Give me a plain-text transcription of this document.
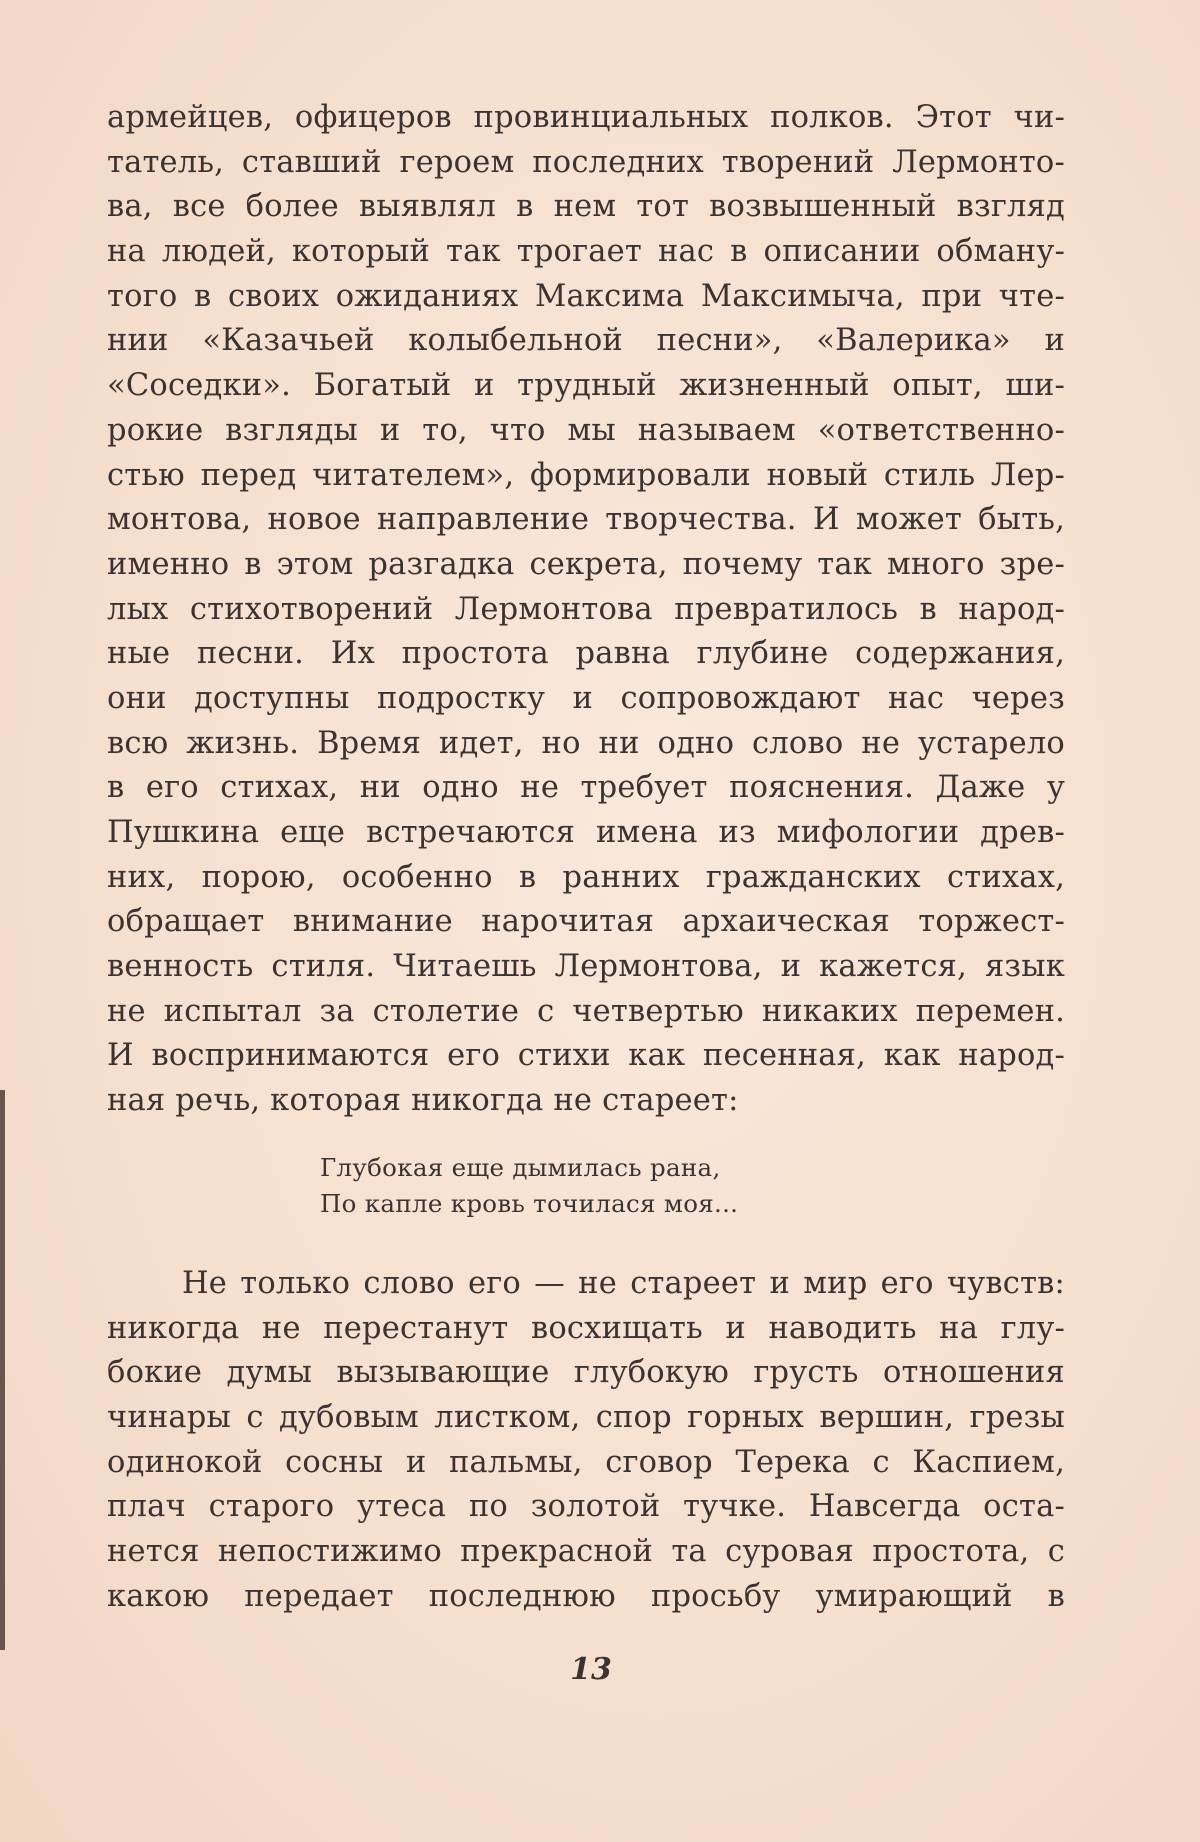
армейцев, офицеров провинциальных полков. Этот чи-
татель, ставший героем последних творений Лермонто-
ва, все более выявлял в нем тот возвышенный взгляд
на людей, который так трогает нас в описании обману-
того в своих ожиданиях Максима Максимыча, при чте-
нии «Казачьей колыбельной песни», «Валерика» и
«Соседки». Богатый и трудный жизненный опыт, ши-
рокие взгляды и то, что мы называем «ответственно-
стью перед читателем», формировали новый стиль Лер-
монтова, новое направление творчества. И может быть,
именно в этом разгадка секрета, почему так много зре-
лых стихотворений Лермонтова превратилось в народ-
ные песни. Их простота равна глубине содержания,
они доступны подростку и сопровождают нас через
всю жизнь. Время идет, но ни одно слово не устарело
в его стихах, ни одно не требует пояснения. Даже у
Пушкина еще встречаются имена из мифологии древ-
них, порою, особенно в ранних гражданских стихах,
обращает внимание нарочитая архаическая торжест-
венность стиля. Читаешь Лермонтова, и кажется, язык
не испытал за столетие с четвертью никаких перемен.
И воспринимаются его стихи как песенная, как народ-
ная речь, которая никогда не стареет:
Глубокая еще дымилась рана,
По капле кровь точилася моя...
Не только слово его — не стареет и мир его чувств:
никогда не перестанут восхищать и наводить на глу-
бокие думы вызывающие глубокую грусть отношения
чинары с дубовым листком, спор горных вершин, грезы
одинокой сосны и пальмы, сговор Терека с Каспием,
плач старого утеса по золотой тучке. Навсегда оста-
нется непостижимо прекрасной та суровая простота, с
какою передает последнюю просьбу умирающий в
13
